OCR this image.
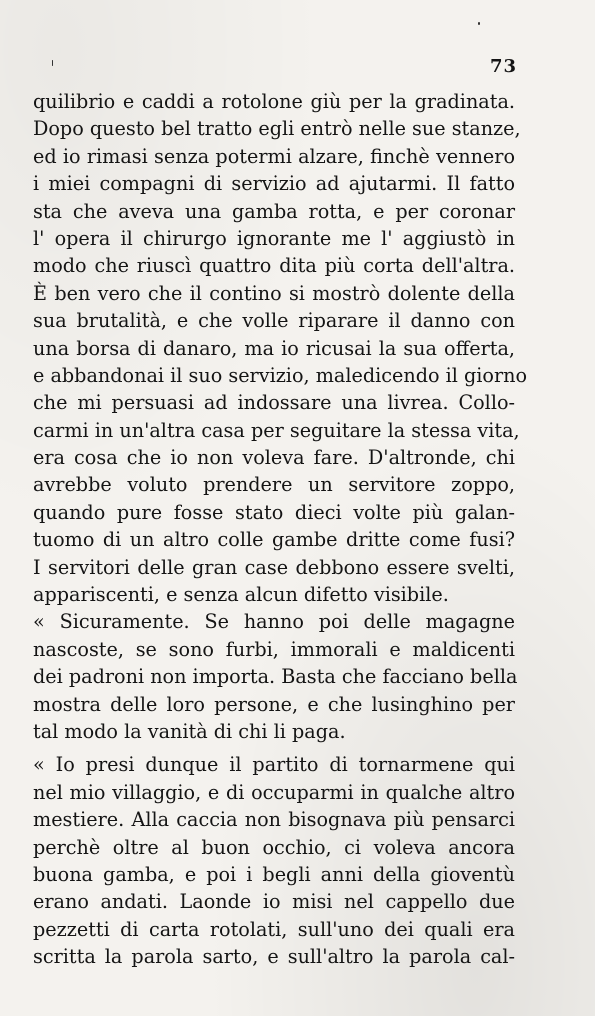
73
quilibrio e caddi a rotolone giù per la gradinata.
Dopo questo bel tratto egli entrò nelle sue stanze,
ed io rimasi senza potermi alzare, finchè vennero
i miei compagni di servizio ad ajutarmi. Il fatto
sta che aveva una gamba rotta, e per coronar
l' opera il chirurgo ignorante me l' aggiustò in
modo che riuscì quattro dita più corta dell'altra.
È ben vero che il contino si mostrò dolente della
sua brutalità, e che volle riparare il danno con
una borsa di danaro, ma io ricusai la sua offerta,
e abbandonai il suo servizio, maledicendo il giorno
che mi persuasi ad indossare una livrea. Collo-
carmi in un'altra casa per seguitare la stessa vita,
era cosa che io non voleva fare. D'altronde, chi
avrebbe voluto prendere un servitore zoppo,
quando pure fosse stato dieci volte più galan-
tuomo di un altro colle gambe dritte come fusi?
I servitori delle gran case debbono essere svelti,
appariscenti, e senza alcun difetto visibile.
« Sicuramente. Se hanno poi delle magagne
nascoste, se sono furbi, immorali e maldicenti
dei padroni non importa. Basta che facciano bella
mostra delle loro persone, e che lusinghino per
tal modo la vanità di chi li paga.
« Io presi dunque il partito di tornarmene qui
nel mio villaggio, e di occuparmi in qualche altro
mestiere. Alla caccia non bisognava più pensarci
perchè oltre al buon occhio, ci voleva ancora
buona gamba, e poi i begli anni della gioventù
erano andati. Laonde io misi nel cappello due
pezzetti di carta rotolati, sull'uno dei quali era
scritta la parola sarto, e sull'altro la parola cal-
